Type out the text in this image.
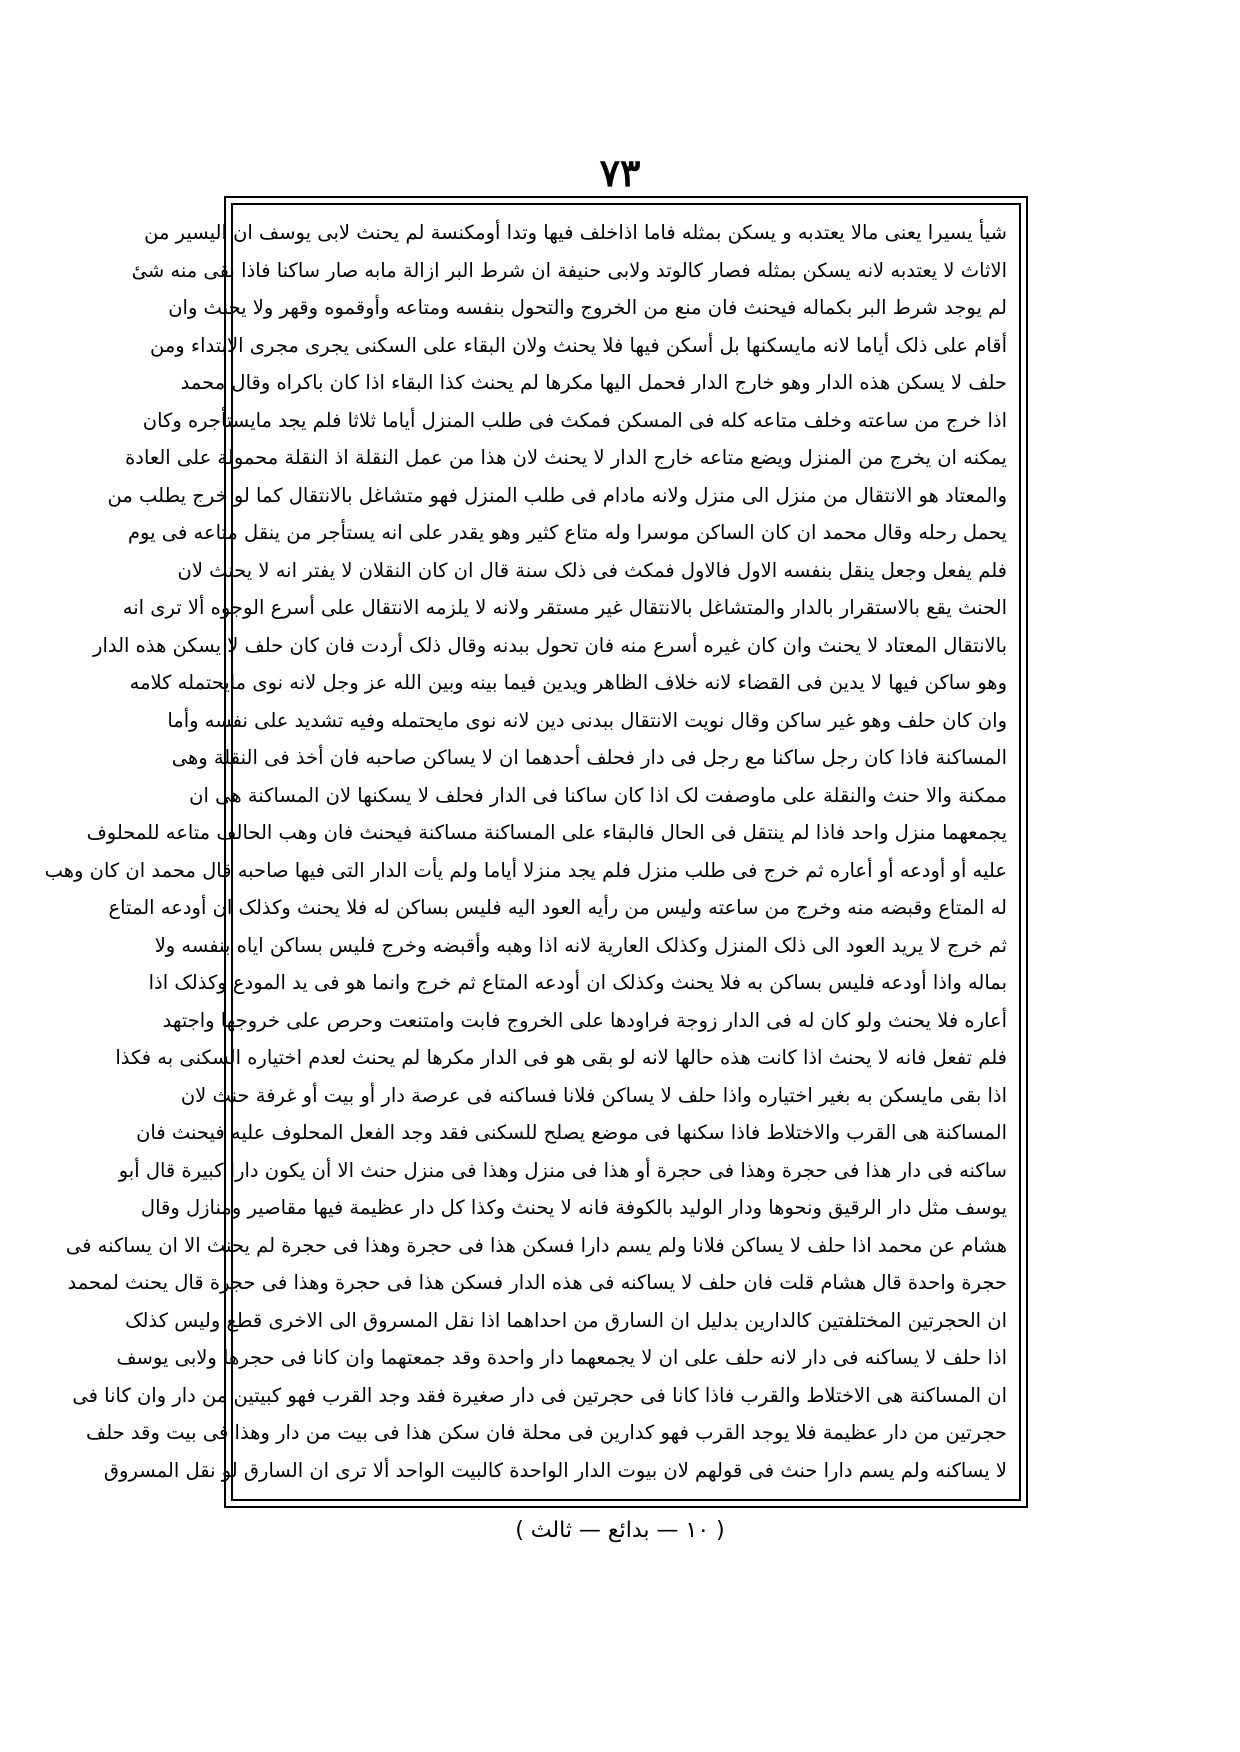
۷۳
شیأ یسیرا یعنی مالا یعتدبه و یسکن بمثله فاما اذاخلف فیها وتدا أومکنسة لم یحنث لابی یوسف ان الیسیر من
الاثاث لا یعتدبه لانه یسکن بمثله فصار کالوتد ولابی حنیفة ان شرط البر ازالة مابه صار ساکنا فاذا بقی منه شیٔ
لم یوجد شرط البر بکماله فیحنث فان منع من الخروج والتحول بنفسه ومتاعه وأوقموه وقهر ولا یحنث وان
أقام علی ذلک أیاما لانه مایسکنها بل أسکن فیها فلا یحنث ولان البقاء علی السکنی یجری مجری الابتداء ومن
حلف لا یسکن هذه الدار وهو خارج الدار فحمل الیها مکرها لم یحنث کذا البقاء اذا کان باکراه وقال محمد
اذا خرج من ساعته وخلف متاعه کله فی المسکن فمکث فی طلب المنزل أیاما ثلاثا فلم یجد مایستأجره وکان
یمکنه ان یخرج من المنزل ویضع متاعه خارج الدار لا یحنث لان هذا من عمل النقلة اذ النقلة محمولة علی العادة
والمعتاد هو الانتقال من منزل الی منزل ولانه مادام فی طلب المنزل فهو متشاغل بالانتقال کما لو خرج یطلب من
یحمل رحله وقال محمد ان کان الساکن موسرا وله متاع کثیر وهو یقدر علی انه یستأجر من ینقل متاعه فی یوم
فلم یفعل وجعل ینقل بنفسه الاول فالاول فمکث فی ذلک سنة قال ان کان النقلان لا یفتر انه لا یحنث لان
الحنث یقع بالاستقرار بالدار والمتشاغل بالانتقال غیر مستقر ولانه لا یلزمه الانتقال علی أسرع الوجوه ألا تری انه
بالانتقال المعتاد لا یحنث وان کان غیره أسرع منه فان تحول ببدنه وقال ذلک أردت فان کان حلف لا یسکن هذه الدار
وهو ساکن فیها لا یدین فی القضاء لانه خلاف الظاهر ویدین فیما بینه وبین الله عز وجل لانه نوی مایحتمله کلامه
وان کان حلف وهو غیر ساکن وقال نویت الانتقال ببدنی دین لانه نوی مایحتمله وفیه تشدید علی نفسه وأما
المساکنة فاذا کان رجل ساکنا مع رجل فی دار فحلف أحدهما ان لا یساکن صاحبه فان أخذ فی النقلة وهی
ممکنة والا حنث والنقلة علی ماوصفت لک اذا کان ساکنا فی الدار فحلف لا یسکنها لان المساکنة هی ان
یجمعهما منزل واحد فاذا لم ینتقل فی الحال فالبقاء علی المساکنة مساکنة فیحنث فان وهب الحالف متاعه للمحلوف
علیه أو أودعه أو أعاره ثم خرج فی طلب منزل فلم یجد منزلا أیاما ولم یأت الدار التی فیها صاحبه قال محمد ان کان وهب
له المتاع وقبضه منه وخرج من ساعته ولیس من رأیه العود الیه فلیس بساکن له فلا یحنث وکذلک ان أودعه المتاع
ثم خرج لا یرید العود الی ذلک المنزل وکذلک العاریة لانه اذا وهبه وأقبضه وخرج فلیس بساکن ایاه بنفسه ولا
بماله واذا أودعه فلیس بساکن به فلا یحنث وکذلک ان أودعه المتاع ثم خرج وانما هو فی ید المودع وکذلک اذا
أعاره فلا یحنث ولو کان له فی الدار زوجة فراودها علی الخروج فابت وامتنعت وحرص علی خروجها واجتهد
فلم تفعل فانه لا یحنث اذا کانت هذه حالها لانه لو بقی هو فی الدار مکرها لم یحنث لعدم اختیاره السکنی به فکذا
اذا بقی مایسکن به بغیر اختیاره واذا حلف لا یساکن فلانا فساکنه فی عرصة دار أو بیت أو غرفة حنث لان
المساکنة هی القرب والاختلاط فاذا سکنها فی موضع یصلح للسکنی فقد وجد الفعل المحلوف علیه فیحنث فان
ساکنه فی دار هذا فی حجرة وهذا فی حجرة أو هذا فی منزل وهذا فی منزل حنث الا أن یکون دارا کبیرة قال أبو
یوسف مثل دار الرقیق ونحوها ودار الولید بالکوفة فانه لا یحنث وکذا کل دار عظیمة فیها مقاصیر ومنازل وقال
هشام عن محمد اذا حلف لا یساکن فلانا ولم یسم دارا فسکن هذا فی حجرة وهذا فی حجرة لم یحنث الا ان یساکنه فی
حجرة واحدة قال هشام قلت فان حلف لا یساکنه فی هذه الدار فسکن هذا فی حجرة وهذا فی حجرة قال یحنث لمحمد
ان الحجرتین المختلفتین کالدارین بدلیل ان السارق من احداهما اذا نقل المسروق الی الاخری قطع ولیس کذلک
اذا حلف لا یساکنه فی دار لانه حلف علی ان لا یجمعهما دار واحدة وقد جمعتهما وان کانا فی حجرها ولابی یوسف
ان المساکنة هی الاختلاط والقرب فاذا کانا فی حجرتین فی دار صغیرة فقد وجد القرب فهو کبیتین من دار وان کانا فی
حجرتین من دار عظیمة فلا یوجد القرب فهو کدارین فی محلة فان سکن هذا فی بیت من دار وهذا فی بیت وقد حلف
لا یساکنه ولم یسم دارا حنث فی قولهم لان بیوت الدار الواحدة کالبیت الواحد ألا تری ان السارق لو نقل المسروق
( ۱۰ — بدائع — ثالث )
